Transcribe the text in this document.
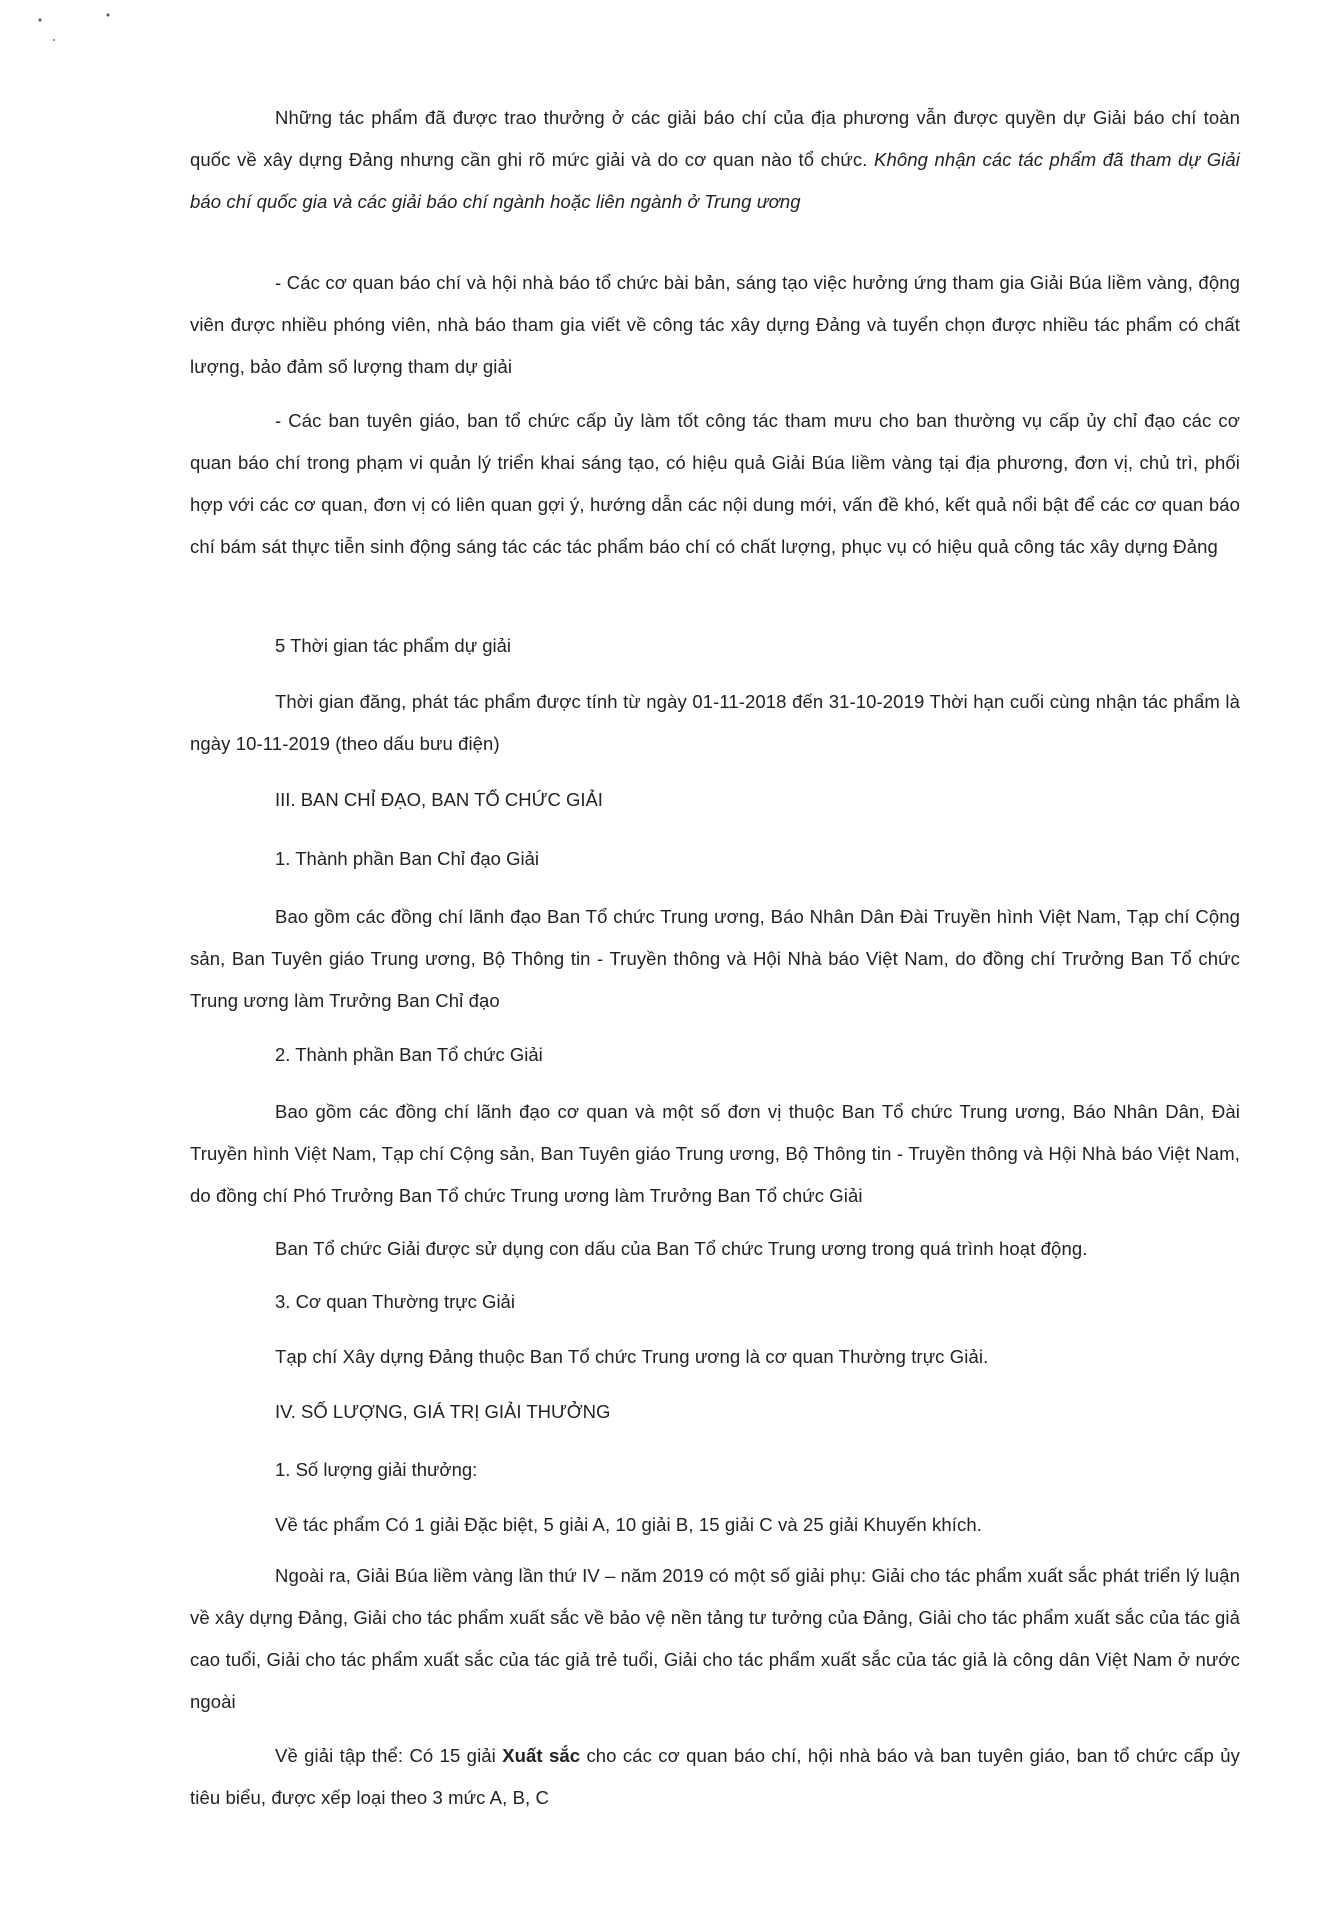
Những tác phẩm đã được trao thưởng ở các giải báo chí của địa phương vẫn được quyền dự Giải báo chí toàn quốc về xây dựng Đảng nhưng cần ghi rõ mức giải và do cơ quan nào tổ chức. Không nhận các tác phẩm đã tham dự Giải báo chí quốc gia và các giải báo chí ngành hoặc liên ngành ở Trung ương

- Các cơ quan báo chí và hội nhà báo tổ chức bài bản, sáng tạo việc hưởng ứng tham gia Giải Búa liềm vàng, động viên được nhiều phóng viên, nhà báo tham gia viết về công tác xây dựng Đảng và tuyển chọn được nhiều tác phẩm có chất lượng, bảo đảm số lượng tham dự giải

- Các ban tuyên giáo, ban tổ chức cấp ủy làm tốt công tác tham mưu cho ban thường vụ cấp ủy chỉ đạo các cơ quan báo chí trong phạm vi quản lý triển khai sáng tạo, có hiệu quả Giải Búa liềm vàng tại địa phương, đơn vị, chủ trì, phối hợp với các cơ quan, đơn vị có liên quan gợi ý, hướng dẫn các nội dung mới, vấn đề khó, kết quả nổi bật để các cơ quan báo chí bám sát thực tiễn sinh động sáng tác các tác phẩm báo chí có chất lượng, phục vụ có hiệu quả công tác xây dựng Đảng

5 Thời gian tác phẩm dự giải

Thời gian đăng, phát tác phẩm được tính từ ngày 01-11-2018 đến 31-10-2019 Thời hạn cuối cùng nhận tác phẩm là ngày 10-11-2019 (theo dấu bưu điện)

III. BAN CHỈ ĐẠO, BAN TỔ CHỨC GIẢI

1. Thành phần Ban Chỉ đạo Giải

Bao gồm các đồng chí lãnh đạo Ban Tổ chức Trung ương, Báo Nhân Dân Đài Truyền hình Việt Nam, Tạp chí Cộng sản, Ban Tuyên giáo Trung ương, Bộ Thông tin - Truyền thông và Hội Nhà báo Việt Nam, do đồng chí Trưởng Ban Tổ chức Trung ương làm Trưởng Ban Chỉ đạo

2. Thành phần Ban Tổ chức Giải

Bao gồm các đồng chí lãnh đạo cơ quan và một số đơn vị thuộc Ban Tổ chức Trung ương, Báo Nhân Dân, Đài Truyền hình Việt Nam, Tạp chí Cộng sản, Ban Tuyên giáo Trung ương, Bộ Thông tin - Truyền thông và Hội Nhà báo Việt Nam, do đồng chí Phó Trưởng Ban Tổ chức Trung ương làm Trưởng Ban Tổ chức Giải

Ban Tổ chức Giải được sử dụng con dấu của Ban Tổ chức Trung ương trong quá trình hoạt động.

3. Cơ quan Thường trực Giải

Tạp chí Xây dựng Đảng thuộc Ban Tổ chức Trung ương là cơ quan Thường trực Giải.

IV. SỐ LƯỢNG, GIÁ TRỊ GIẢI THƯỞNG

1. Số lượng giải thưởng:

Về tác phẩm Có 1 giải Đặc biệt, 5 giải A, 10 giải B, 15 giải C và 25 giải Khuyến khích.

Ngoài ra, Giải Búa liềm vàng lần thứ IV – năm 2019 có một số giải phụ: Giải cho tác phẩm xuất sắc phát triển lý luận về xây dựng Đảng, Giải cho tác phẩm xuất sắc về bảo vệ nền tảng tư tưởng của Đảng, Giải cho tác phẩm xuất sắc của tác giả cao tuổi, Giải cho tác phẩm xuất sắc của tác giả trẻ tuổi, Giải cho tác phẩm xuất sắc của tác giả là công dân Việt Nam ở nước ngoài

Về giải tập thể: Có 15 giải Xuất sắc cho các cơ quan báo chí, hội nhà báo và ban tuyên giáo, ban tổ chức cấp ủy tiêu biểu, được xếp loại theo 3 mức A, B, C
